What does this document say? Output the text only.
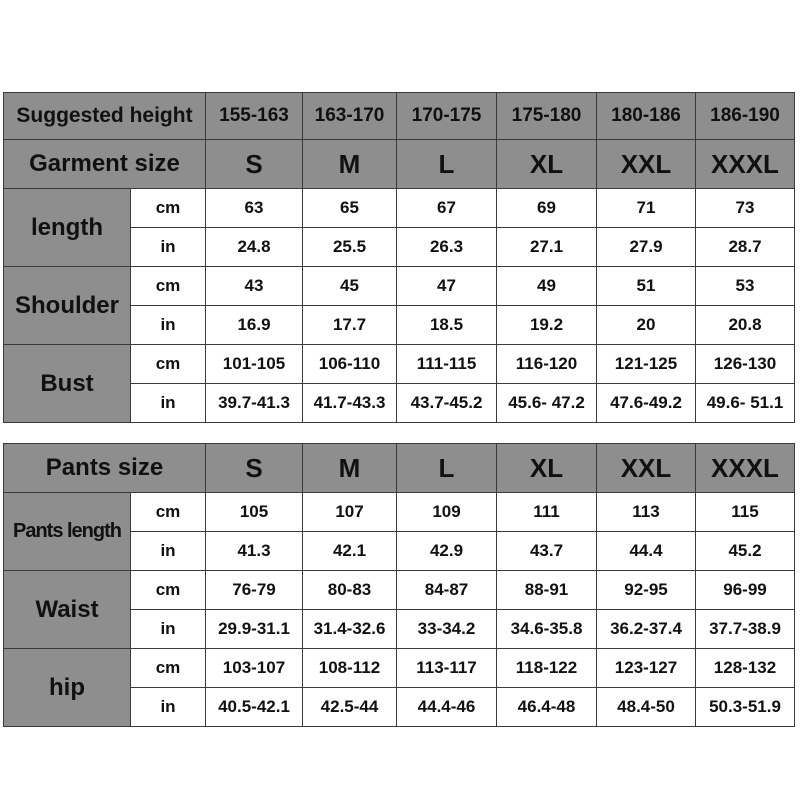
Suggested height		155-163	163-170	170-175	175-180	180-186	186-190
Garment size		S	M	L	XL	XXL	XXXL
length	cm	63	65	67	69	71	73
	in	24.8	25.5	26.3	27.1	27.9	28.7
Shoulder	cm	43	45	47	49	51	53
	in	16.9	17.7	18.5	19.2	20	20.8
Bust	cm	101-105	106-110	111-115	116-120	121-125	126-130
	in	39.7-41.3	41.7-43.3	43.7-45.2	45.6- 47.2	47.6-49.2	49.6- 51.1
Pants size		S	M	L	XL	XXL	XXXL
Pants length	cm	105	107	109	111	113	115
	in	41.3	42.1	42.9	43.7	44.4	45.2
Waist	cm	76-79	80-83	84-87	88-91	92-95	96-99
	in	29.9-31.1	31.4-32.6	33-34.2	34.6-35.8	36.2-37.4	37.7-38.9
hip	cm	103-107	108-112	113-117	118-122	123-127	128-132
	in	40.5-42.1	42.5-44	44.4-46	46.4-48	48.4-50	50.3-51.9
